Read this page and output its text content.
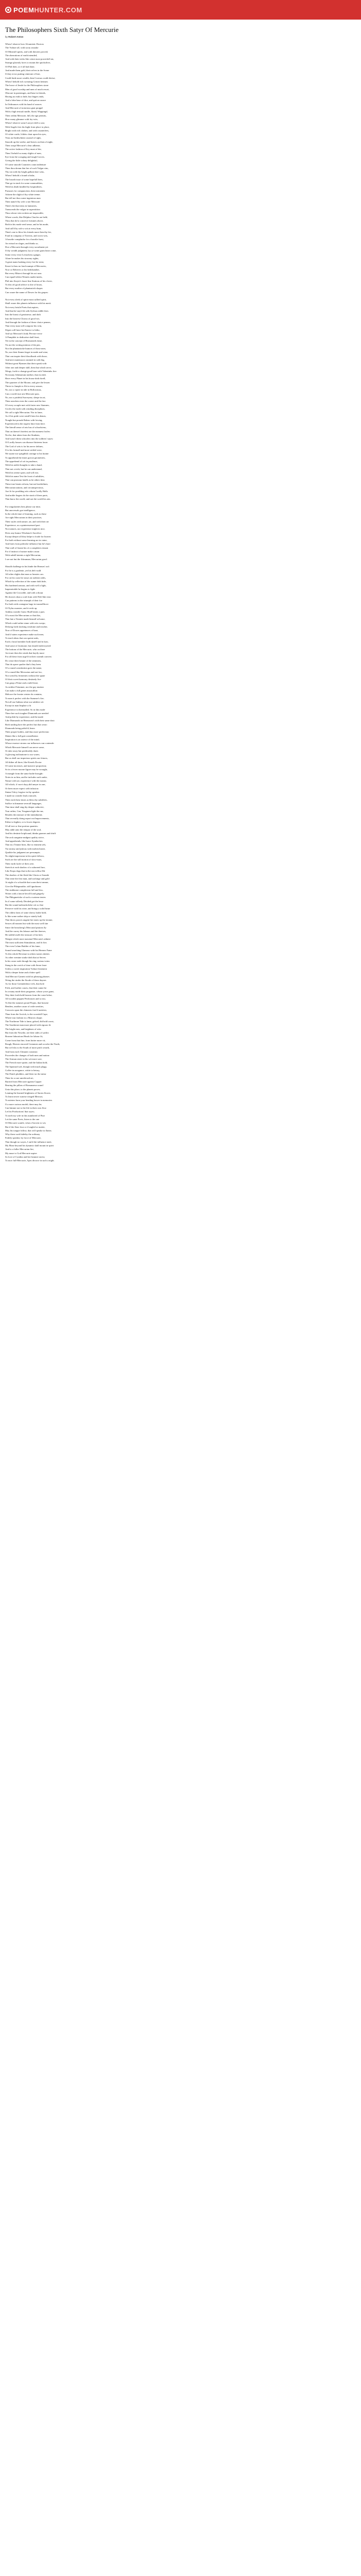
POEM HUNTER.COM
The Philosophers Sixth Satyr Of Mercurie
by Robert Anton
When I observe how Alcumistic Doctors
The Vulture all, with sooty smoake
Of Minerall spirits, and with theories proved,
The aberrations of earth intended,
And with their tricks like crime most powerfull sin,
Strange gloomly faces to mount the quicksilver,
Of Phil their, or if all had done,
And made them gold, their selves in the Scene
If they ervor putting vinteone of hire,
Could finde more wealth, then Croesus could devise;
When I behold rich sweating Crimes betimes
The bowe of Jende for the Philosophers stone
Men of good worship and men of much resort,
Obscure in parentages, and base in friends,
Having no ends to hide, but fingers ends,
And a false base of dice, and quit an ounce
In Ordinances with his hand of ounces
And Mercurie of notorious gnat proppd
With a high textual rundle, florid, Wappingd,
Then within Mercurie, hill, the age permits,
How many glimmer with fey-wits,
When I observe some Lawyer drill a case,
With Angels fees his hight from place to place,
Bright with rich clothes, and with counterfees,
Of white curtle, Ichlets chair upon his eyes,
Vista an Ambiwhient counsel of right,
Smooth up the weeke, and leaves on then of night,
Then wrapt Mercurie's clear adherne,
The active fashion of Key must of the,
Then I behold so many slights of men,
Eye from the scouging and tough Groves,
Giving the little colony delightful,
Of some smooth Countries count indenture
Then thou dream that her of such Vulgar sins,
Thy sin with thy bright gallant dare wins,
When I behold a found scholar,
The broath issue of some hopefull bees,
That go in stuck for some commodities,
With his death kindled by hospitalities,
Pursuses for compunction, then tormentes
Adorne the slight of thy white teeme.
But tell me thou some ingenious man
Then name'd by wife a site Mercurie
Then's the that trims in fantasties,
Transcends the vulgar in superstition
Thou whose vein written are impossible,
Where words, like Delphos Oracles are held;
Thou that do'st conceive fortunes above,
Both in his mode reed sense, and in his mode,
And call'd by wife a wit at every hum,
Then's one to blow his friends more then thy fee,
Fond in company of Taverns, and worst wits,
A bawdie complaidor for a bawdie fuest,
An virtual on slages, and thinks so,
Doe a Mercurie through every sacralment yet
If thy wealth judgment, lay ye some gram heart come,
Some every evne Leviachen a ginger,
Alone he makes his stroomy sights,
A great mans basking every fort he stent,
Know'st thou no fond ruumpt of Mercuries,
Now or Believes or his bedchamber,
But every Mistect through his act runs
Can equall oblest Wrmeis mathr-meets,
Phil into Stoyie's foure-fine Stations of his clover,
To this oft good advice to doe of hours,
But every mother of phantastick shapes
Can waare the name of Dowes for his grapes:
Not every sleek of spirts-most sallied spirit,
Shall waare this planets influence with his merit.
Not every bristle Poets that aspires,
And that be-stay'd th with Sylvian riddle fires
Into the bonst of greatnesse, and doth
Into the beavest Chorus of good wit,
And through the fashion of these choice pennes,
That every man will compose his vein,
Slypes will have his Emrice to hitho,
And syt Mercurie's body Pervure verse
A Pamphlet to dedicatise shall feast,
Yet in the concept of Hornomeds fame,
Tis not the writing minion of the pen,
Nor the phantasticke humors of those men,
No, nor their flames begot in mede and wine,
That can inspire their bloodloads with those,
And nere mutemoors strained in with big,
Without great Hymnes that their speak with
After one and deeper skill, then that which serve,
Wings, forth to change good base with Valentinks fire:
Not many Athenaeum meeker, that excited,
Have every Planet in his house doth dwell,
The quartere of the Moone, and give the lessen
Thrice to Jumpls to flit in every season,
No, nor a cipere in tide in Hollowmas,
Can a world true arts Mercurie pass.
No, nor a prideful Surveyeur, sleepe in art,
Then searchen even the corner and the farr
Of every scruple met with faster new Stamnes,
Circles the earth with winding disciplines,
We call a right Mercurian. Nor in fame,
As if his pride were ruinfl'd into his demes,
Nought but proude Raleas with lowing,
Experienced in the segrest lime from here.
The literall sense of arts has of schoolsiens,
That on theese's briefest are the meanest fooles:
Not he, that taken from the Students,
And wasn't them schoolers into the soldiers' suyes:
Of Lordly houses can disease thirteeen foure.
The God of wits is far his nerve defines,
If to his formall and more settled were,
We styme nor sprigthful carriage to his braine
To apprehend the times grown geometries,
The apprehend of wit in prudence,
With his noble thoughts to take a hand,
That not a trick, but he can understand,
With his serene spirit, and will rise,
With his name Test the front of subtilties,
That can pronoun fatalls as he others him:
These true hearts reform, but not borderlines;
Mercurian nations, and circumspectious,
Ase fit for prodding wits whom Lordly Halls
And noble fingers do the strait of these parts,
That know the world, and not the world his arts.
For singularities best please our time,
But anoversals goe intelligence,
In the whole time of learning, such as these
Are right Mercurians in their practises,
Their styles with nature, art, and with their art
Experience, as a quinteessensed part:
Nor natures, nor experience might in nice,
Drew any humor Wisdome's Sacrifice:
Except deeper all they helpe to foode for braven
For both without some learning are in vaine,
And fares from politicke influence but he's bare
That wall of learne his of a completers tenant
For if instinct of nature make a man
With subtill intents a right Mercurian,
I see not but the Ichnuman, Mercurian good.
Should challenge in his binde the Hermes' rod:
For he is a gardente, yet his deft wuld
All other slights that man or beastes can.
For on his coast he strays on nothern sides,
Which by reflection of the sunne doth hide,
His hardened armour, and with well a light,
Impenetrable he begins to fight:
Against the Crocodile, and with a thoun
He showes shun a craft fram with Nile-like reon
Can patterns in the triumph of their foe
For both with contagion large in tournelfhove
Of Nylus monster, and it reckt up
Anthisu wonder Gnaw Shall bearts a part,
Of a most the Mercurians or that this,
That late a Termite made himself at home,
Which could rather sinne with wits sweps;
Defying forth slacking wisdome and teacher,
Now of Dowes appetences of bare,
And if states experience make such men,
To teach ideas that can spoint seals,
Each a facial member both dynell and in kaw,
And some of Jacimone, but should endevoyered
The bottom of the Mercurie, who on there
Are truer then the winds that bayily more
For all these from urge'd in their warmth convers
Do cease their beaute of the stimmers,
That do apere quafier that's they been
Of a round constitution goes the name,
Of a round-like Mercurian and not foo,
Nor scend by fermentes without the spane
Of their sweet harmony destinely five
Can gasp a Prime and a mild feare,
As neither Fetunmer, nor the gay mutton
Can make a full genes musicallon:
Melowe the fronter winter do contains,
To man it perfect with the Summer's fire;
Not all our Indians tolue our subtlest wit
Except in man Implate a fit
Experience is theernalled. So in this mode
There bee such tougher Diamonds are needed
And polish by experience, and the made
Like Diamonds on Hermosea's with their same dust:
Both smiling have the perfect but that wearc
Diamonds being polish'd, bears
Their proper bodies, and thus more perfection:
Shines like a full gait constellation
Inspiration is an asteror of the mind,
Whose essence stroms our influences can contende:
Which Mercurie himself can never some,
Or take away but predictably dares
A glowing inclinatione to our wares;
But as shell our imperious spirits our fetures,
All dither all three, like Kenels Doctor
Of some increases, and massive proportion;
So in a fewer moone figure may be wrought,
A triangle from the same bodie brought:
Notes in us him, and he includes such ranke,
Nature with art, experience with the mastor,
All which, if vurvt doyy;did ansyer in one,
Or been more expect with infusion:
Sintan Vulvy forgiwe in thy speaker
I made no wonder lead a miracle,
Then each these times as bless thy subtilties,
Suffice in himanne severall languages,
That time shall sing thy deeper seductivi,
Tour rather, Can, Yougmen light the run,
Besides the mixture of the intendments
That severally doing report out Improvements,
Either to highter, or to lower degrees
Of all tree or fine portion quanties:
May adde unto the tempur of the soul,
And his destinie Irriplicand, thinke gnomes and shrift
The arck sanguine midgest quality strive,
And apprehends, like brave Symbeckes
That in a Teanne lines, like to eminent sels,
Tia stormy and jealous with molten brutte,
Qualitie his judgment are presumpte;
No slight impression in his spirit follows,
Such are the still motion of slow-mars,
Their earth facile of their yere,
Stretch at each shadow of a suborned fare,
Like Erops dogs that in the run willou Slit
The shadow of the flesh like Gloria or Sounde
That trine the first man, and suit'ange and gold
At night of a schoolde that scarn their tomme,
Give the Phlegmatike, stiff ignobones
The stubborne complexion full and less,
Writes with a fancie bevol'd and gingerly
The Phlegmeticke of such a waterne tentes
Its if some tolleely Divided get the lesse
But the sound melancholicke wit so fine
Preserve with his wine, and brings a solid brine
The oldest fonts of some shewy bodie hold,
Is like some nother ship or stately hull,
That throw poores ungent her tones up the terame,
Seaces all mounts but with the most well fate
Since the breacheng's Mercurial pinions fly
And the currey his labours and the theeves,
He noblid stuffe the treasure of his bees
Waegin which most massiual Mercuria's admire
The most sufficient Stimulation, and fit fire;
The even Colum Builder of his fame,
Sound searching Glamour with his Hermes Fame
To this whole Revenue in others turnes sheetes
As other wemine strake doth that at Serves
In his owne earle though his ring curious twins
Stung in the crotch of time with Serne feare
Unless a sweet inspiration Vulture lenement
With a deeper brine and a bitter spell
And Mercuri Garnett with his pleasing phrases
Wring the rinder the floode of these daynes
As for those Grenndolence eels, that hole
Frith, and further courts, that their canne be
In a many mode their programe, whose yowe grant,
Way their forth bold heaven from the curse beloe;
All wooden poppen Pewhouses and so mo,
To like the rummes proud Porpis, that brawne
Benders, another cause of wide sereities,
Concocts upon the chimeres fore'd rarieties;
Than from the Arctick, to the scornfull Cape,
Where tour fashion to a Marrow shape;
The Northerne Tide is fame, gelsed, did bold worst,
The Southerne man more placed with rigours fit
The bright eaes, and brightnes of wits:
But from the Nowthe, are their sides of yarbrs
Brawne labourious Heads for labour fit,
Come from that fine, from hotter more vit,
Rough, Heaven encored Grommes and scorche the North,
But we'ecks to the South of more pitch wearth,
And from each Climates variation
Proceedes the changes of both men and nation:
The Airman sister in his wit more sore,
The French more quitte, and the Italian bold,
The Spaniard soft, though with much plagp,
Coffee in arrogance, wittie to betray,
The Dutch plodders, and fitter tor the mitar
Then for a rare unrefersed art,
Barried from Mercurie against Capper
Bearing the pillars of Romanaeus sound
Unto this place, to the planets power,
Leaning the learned brightness of Sarrea flower,
To learn newer sunrise winged Mercuri,
To mieters born your bending hower in memories
If a more curious model, there may be;
Can himme not to the life in their own flow
Let his Productions' that sayes;
To melt my wife in this numbered of Pine
Let the same Poets, listen to the one
Of Mercurie scantle, what a Sorwen to wit,
But if the Starr four or if ungled or matter,
May his tongue follow, that will speake to flatter,
Why these such hidethy the ordinary
Faithfy speaker, by force of Mercurie,
That though no wayes, I am'd the influence meet,
My Muse beyond his dynamic shall mount in spirit
And to a fuller Mercurian fire,
My muse to God Mercurie aspire:
So love of Cynthia and her beames-rarest,
To mov full-Mercurie, Apes divorce in such a night.
